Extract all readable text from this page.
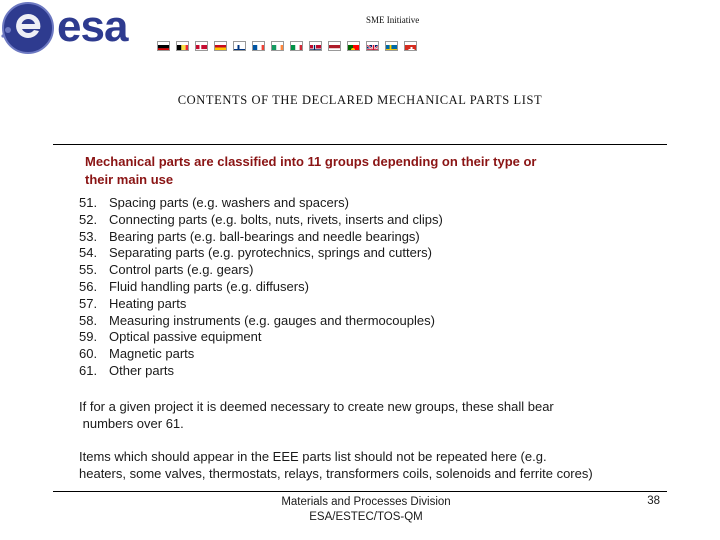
esa	SME Initiative
CONTENTS OF THE DECLARED MECHANICAL PARTS LIST
Mechanical parts are classified into 11 groups depending on their type or
their main use
51. Spacing parts (e.g. washers and spacers)
52. Connecting parts (e.g. bolts, nuts, rivets, inserts and clips)
53. Bearing parts (e.g. ball-bearings and needle bearings)
54. Separating parts (e.g. pyrotechnics, springs and cutters)
55. Control parts (e.g. gears)
56. Fluid handling parts (e.g. diffusers)
57. Heating parts
58. Measuring instruments (e.g. gauges and thermocouples)
59. Optical passive equipment
60. Magnetic parts
61. Other parts
If for a given project it is deemed necessary to create new groups, these shall bear
numbers over 61.
Items which should appear in the EEE parts list should not be repeated here (e.g.
heaters, some valves, thermostats, relays, transformers coils, solenoids and ferrite cores)
Materials and Processes Division
ESA/ESTEC/TOS-QM
38
